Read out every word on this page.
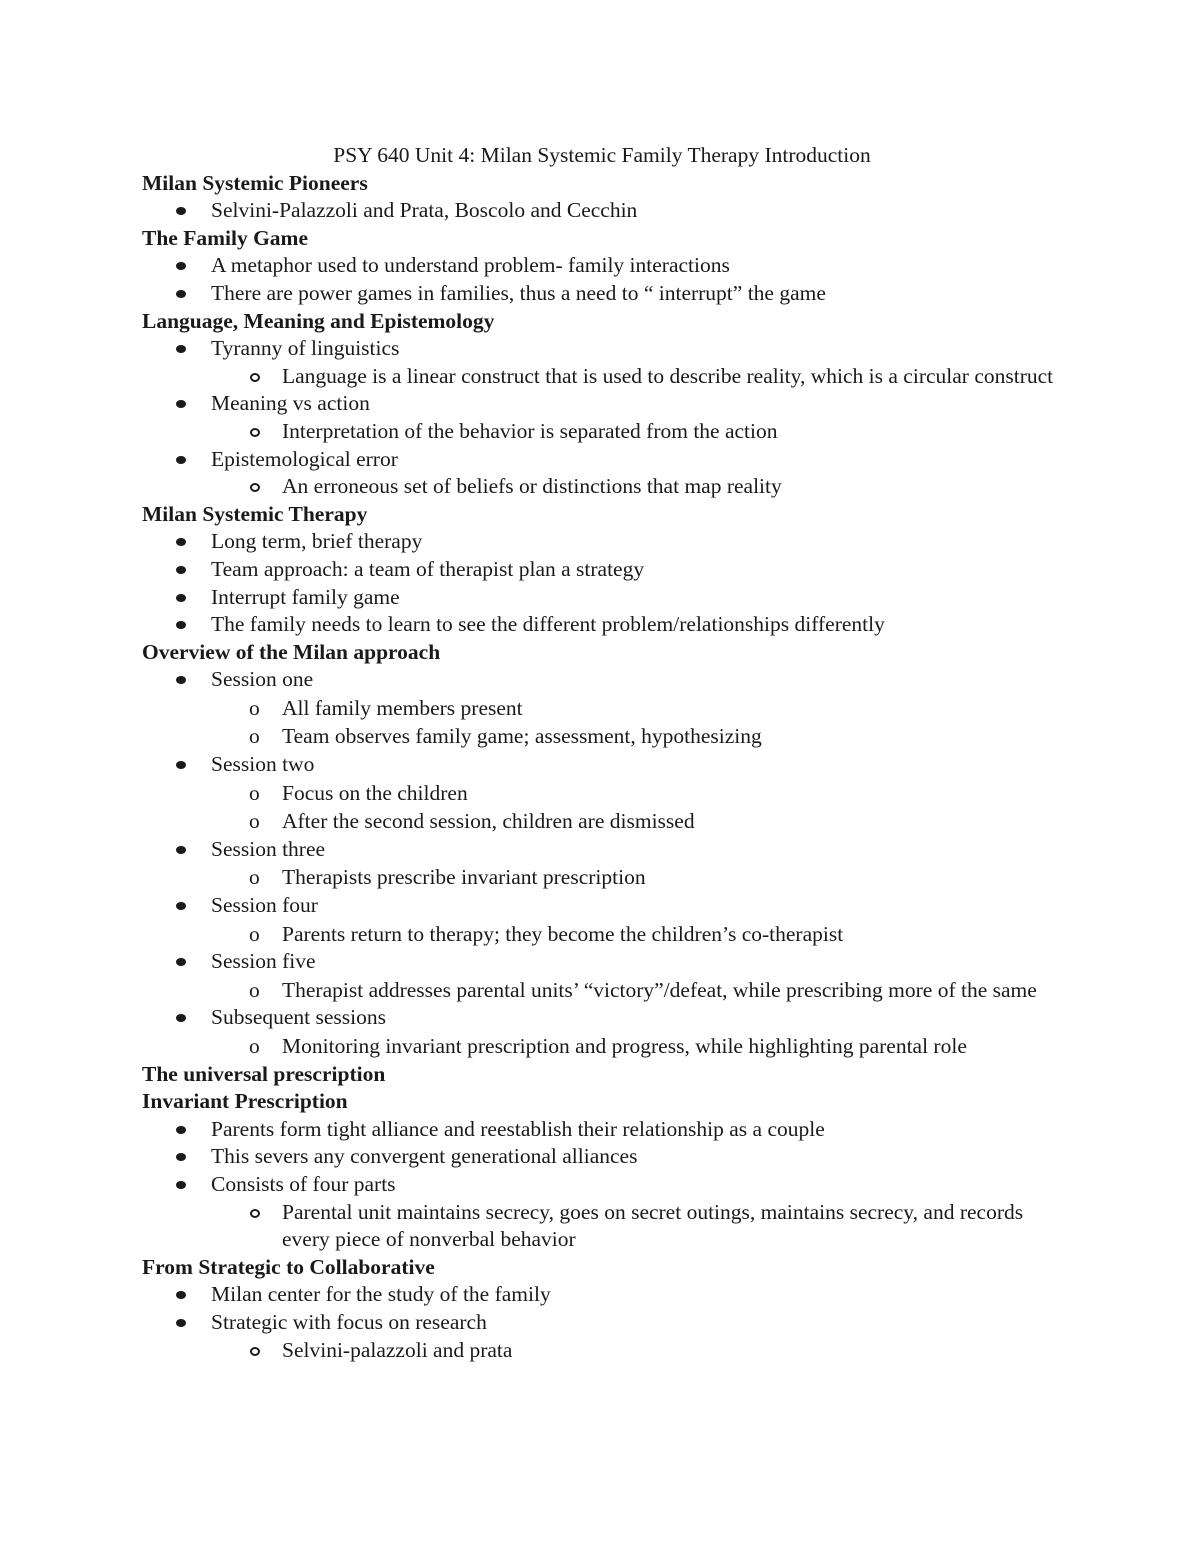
PSY 640 Unit 4: Milan Systemic Family Therapy Introduction

Milan Systemic Pioneers

Selvini-Palazzoli and Prata, Boscolo and Cecchin

The Family Game

A metaphor used to understand problem- family interactions
There are power games in families, thus a need to “ interrupt” the game

Language, Meaning and Epistemology

Tyranny of linguistics
Language is a linear construct that is used to describe reality, which is a circular construct
Meaning vs action
Interpretation of the behavior is separated from the action
Epistemological error
An erroneous set of beliefs or distinctions that map reality

Milan Systemic Therapy

Long term, brief therapy
Team approach: a team of therapist plan a strategy
Interrupt family game
The family needs to learn to see the different problem/relationships differently

Overview of the Milan approach

Session one
o All family members present
o Team observes family game; assessment, hypothesizing
Session two
o Focus on the children
o After the second session, children are dismissed
Session three
o Therapists prescribe invariant prescription
Session four
o Parents return to therapy; they become the children’s co-therapist
Session five
o Therapist addresses parental units’ “victory”/defeat, while prescribing more of the same
Subsequent sessions
o Monitoring invariant prescription and progress, while highlighting parental role

The universal prescription

Invariant Prescription

Parents form tight alliance and reestablish their relationship as a couple
This severs any convergent generational alliances
Consists of four parts
Parental unit maintains secrecy, goes on secret outings, maintains secrecy, and records every piece of nonverbal behavior

From Strategic to Collaborative

Milan center for the study of the family
Strategic with focus on research
Selvini-palazzoli and prata
